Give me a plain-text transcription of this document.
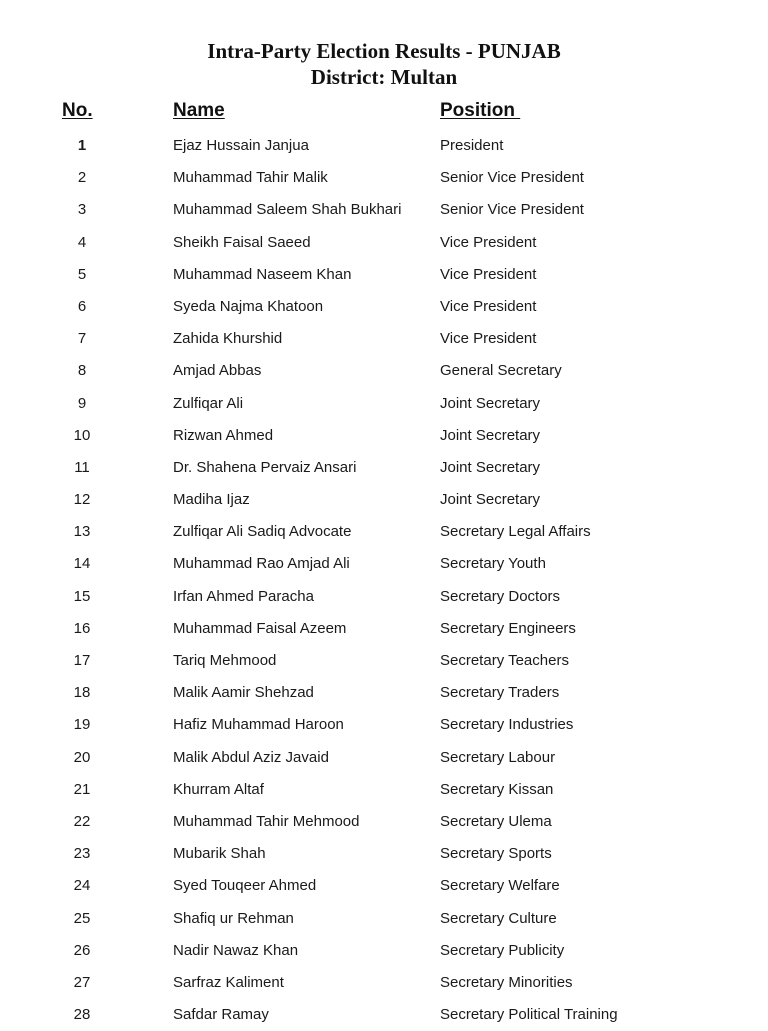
Intra-Party Election Results - PUNJAB
District: Multan
No.	Name	Position
1	Ejaz Hussain Janjua	President
2	Muhammad Tahir Malik	Senior Vice President
3	Muhammad Saleem Shah Bukhari	Senior Vice President
4	Sheikh Faisal Saeed	Vice President
5	Muhammad Naseem Khan	Vice President
6	Syeda Najma Khatoon	Vice President
7	Zahida Khurshid	Vice President
8	Amjad Abbas	General Secretary
9	Zulfiqar Ali	Joint Secretary
10	Rizwan Ahmed	Joint Secretary
11	Dr. Shahena Pervaiz Ansari	Joint Secretary
12	Madiha Ijaz	Joint Secretary
13	Zulfiqar Ali Sadiq Advocate	Secretary Legal Affairs
14	Muhammad Rao Amjad Ali	Secretary Youth
15	Irfan Ahmed Paracha	Secretary Doctors
16	Muhammad Faisal Azeem	Secretary Engineers
17	Tariq Mehmood	Secretary Teachers
18	Malik Aamir Shehzad	Secretary Traders
19	Hafiz Muhammad Haroon	Secretary Industries
20	Malik Abdul Aziz Javaid	Secretary Labour
21	Khurram Altaf	Secretary Kissan
22	Muhammad Tahir Mehmood	Secretary Ulema
23	Mubarik Shah	Secretary Sports
24	Syed Touqeer Ahmed	Secretary Welfare
25	Shafiq ur Rehman	Secretary Culture
26	Nadir Nawaz Khan	Secretary Publicity
27	Sarfraz Kaliment	Secretary Minorities
28	Safdar Ramay	Secretary Political Training
